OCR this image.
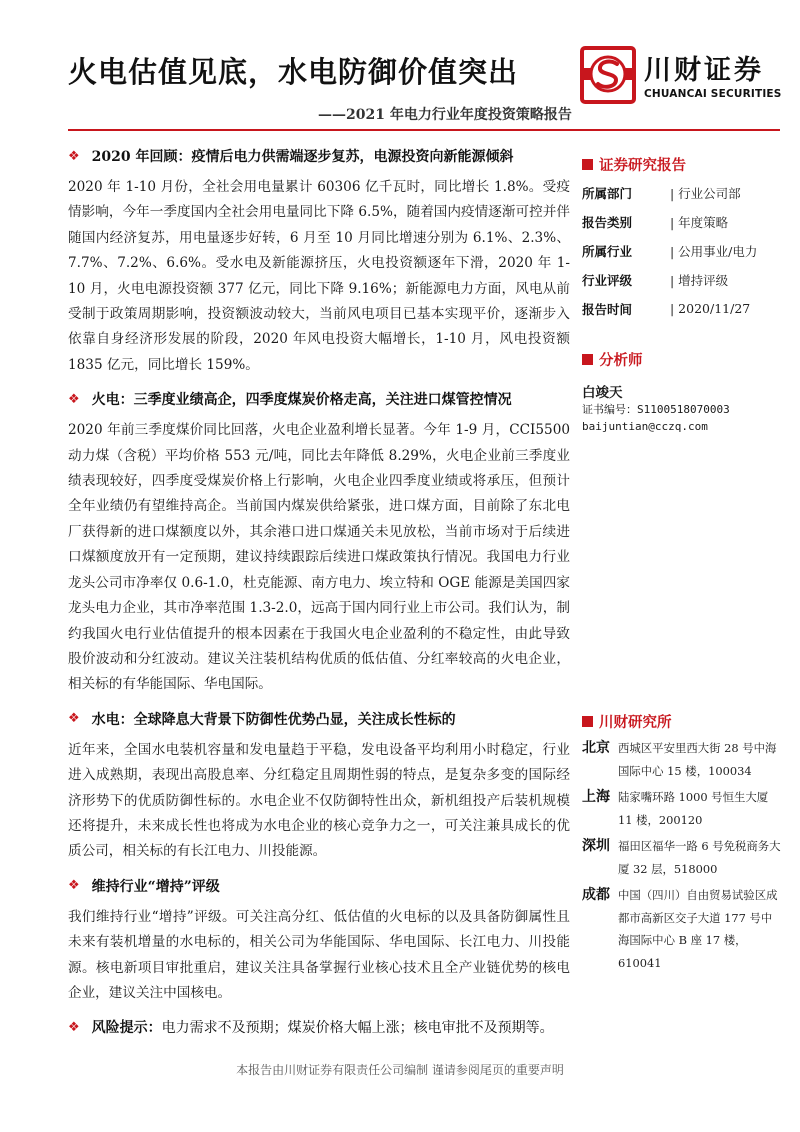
火电估值见底，水电防御价值突出
——2021 年电力行业年度投资策略报告
川财证券
CHUANCAI SECURITIES
❖ 2020 年回顾：疫情后电力供需端逐步复苏，电源投资向新能源倾斜

2020 年 1-10 月份，全社会用电量累计 60306 亿千瓦时，同比增长 1.8%。受疫情影响，今年一季度国内全社会用电量同比下降 6.5%，随着国内疫情逐渐可控并伴随国内经济复苏，用电量逐步好转，6 月至 10 月同比增速分别为 6.1%、2.3%、7.7%、7.2%、6.6%。受水电及新能源挤压，火电投资额逐年下滑，2020 年 1-10 月，火电电源投资额 377 亿元，同比下降 9.16%；新能源电力方面，风电从前受制于政策周期影响，投资额波动较大，当前风电项目已基本实现平价，逐渐步入依靠自身经济形发展的阶段，2020 年风电投资大幅增长，1-10 月，风电投资额 1835 亿元，同比增长 159%。

❖ 火电：三季度业绩高企，四季度煤炭价格走高，关注进口煤管控情况

2020 年前三季度煤价同比回落，火电企业盈利增长显著。今年 1-9 月，CCI5500 动力煤（含税）平均价格 553 元/吨，同比去年降低 8.29%，火电企业前三季度业绩表现较好，四季度受煤炭价格上行影响，火电企业四季度业绩或将承压，但预计全年业绩仍有望维持高企。当前国内煤炭供给紧张，进口煤方面，目前除了东北电厂获得新的进口煤额度以外，其余港口进口煤通关未见放松，当前市场对于后续进口煤额度放开有一定预期，建议持续跟踪后续进口煤政策执行情况。我国电力行业龙头公司市净率仅 0.6-1.0，杜克能源、南方电力、埃立特和 OGE 能源是美国四家龙头电力企业，其市净率范围 1.3-2.0，远高于国内同行业上市公司。我们认为，制约我国火电行业估值提升的根本因素在于我国火电企业盈利的不稳定性，由此导致股价波动和分红波动。建议关注装机结构优质的低估值、分红率较高的火电企业，相关标的有华能国际、华电国际。

❖ 水电：全球降息大背景下防御性优势凸显，关注成长性标的

近年来，全国水电装机容量和发电量趋于平稳，发电设备平均利用小时稳定，行业进入成熟期，表现出高股息率、分红稳定且周期性弱的特点，是复杂多变的国际经济形势下的优质防御性标的。水电企业不仅防御特性出众，新机组投产后装机规模还将提升，未来成长性也将成为水电企业的核心竞争力之一，可关注兼具成长的优质公司，相关标的有长江电力、川投能源。

❖ 维持行业“增持”评级

我们维持行业“增持”评级。可关注高分红、低估值的火电标的以及具备防御属性且未来有装机增量的水电标的，相关公司为华能国际、华电国际、长江电力、川投能源。核电新项目审批重启，建议关注具备掌握行业核心技术且全产业链优势的核电企业，建议关注中国核电。

❖ 风险提示： 电力需求不及预期；煤炭价格大幅上涨；核电审批不及预期等。
证券研究报告
所属部门	| 行业公司部
报告类别	| 年度策略
所属行业	| 公用事业/电力
行业评级	| 增持评级
报告时间	| 2020/11/27
分析师
白竣天
证书编号：S1100518070003
baijuntian@cczq.com
川财研究所
北京 西城区平安里西大街 28 号中海国际中心 15 楼，100034
上海 陆家嘴环路 1000 号恒生大厦 11 楼，200120
深圳 福田区福华一路 6 号免税商务大厦 32 层，518000
成都 中国（四川）自由贸易试验区成都市高新区交子大道 177 号中海国际中心 B 座 17 楼，610041
本报告由川财证券有限责任公司编制 谨请参阅尾页的重要声明
